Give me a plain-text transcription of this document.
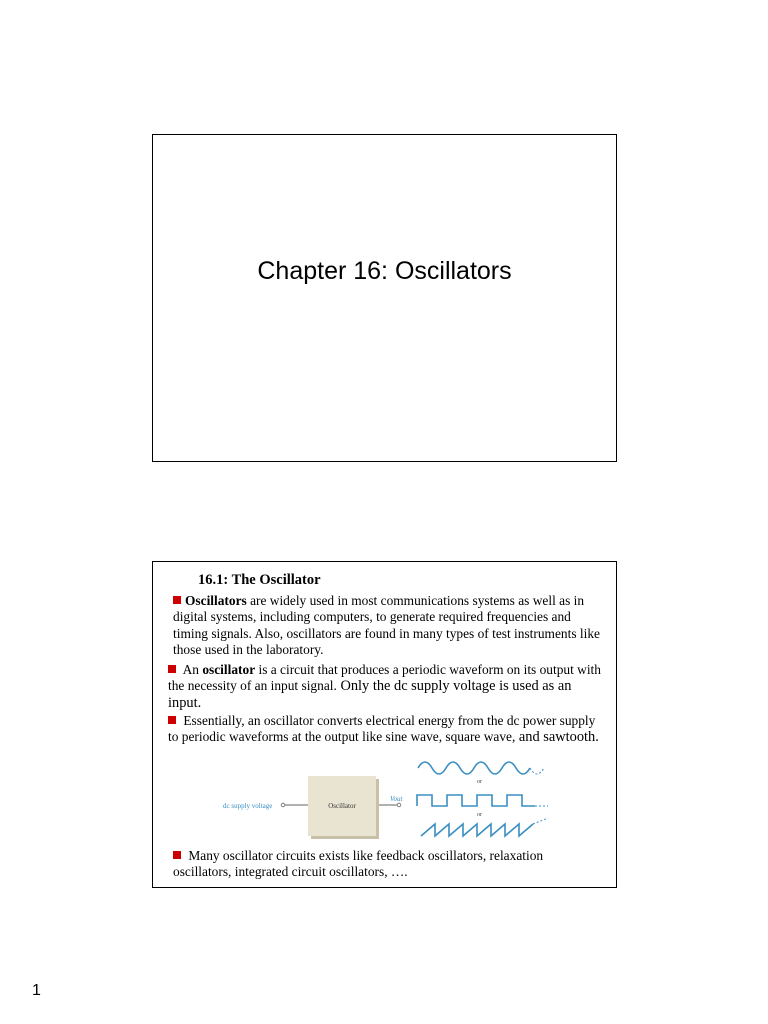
Chapter 16: Oscillators
16.1: The Oscillator
Oscillators are widely used in most communications systems as well as in digital systems, including computers, to generate required frequencies and timing signals. Also, oscillators are found in many types of test instruments like those used in the laboratory.
An oscillator is a circuit that produces a periodic waveform on its output with the necessity of an input signal. Only the dc supply voltage is used as an input.
Essentially, an oscillator converts electrical energy from the dc power supply to periodic waveforms at the output like sine wave, square wave, and sawtooth.
dc supply voltage	Oscillator
Vout
or
or
Many oscillator circuits exists like feedback oscillators, relaxation oscillators, integrated circuit oscillators, ….
1
